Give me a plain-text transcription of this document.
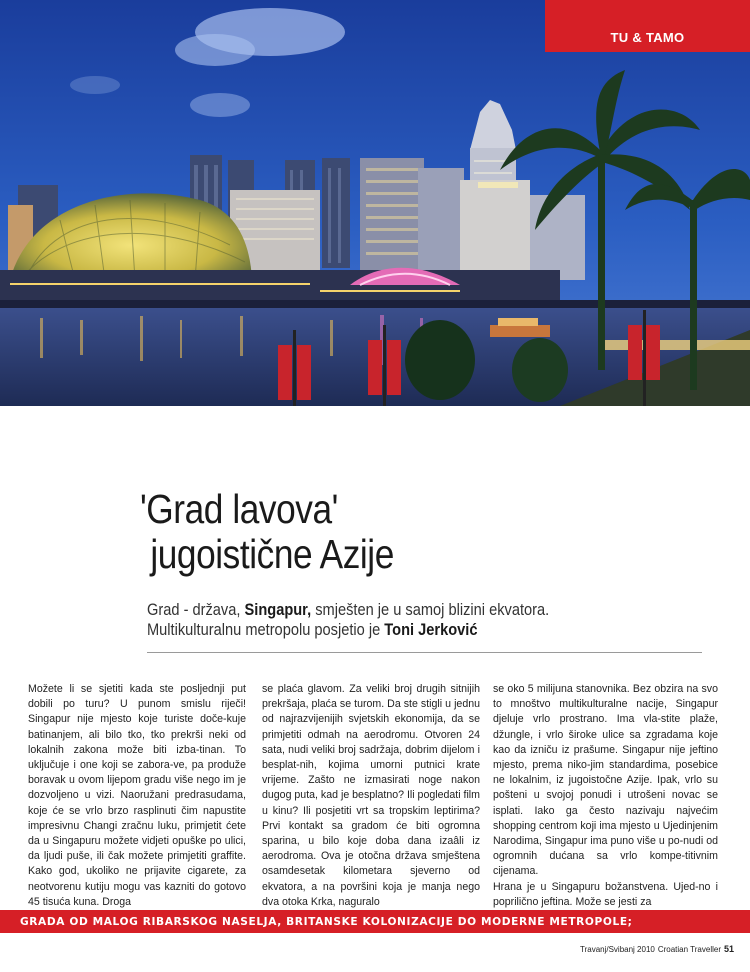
TU & TAMO
'Grad lavova'
jugoistične Azije

Grad - država, Singapur, smješten je u samoj blizini ekvatora.
Multikulturalnu metropolu posjetio je Toni Jerković

Možete li se sjetiti kada ste posljednji put dobili po turu? U punom smislu riječi! Singapur nije mjesto koje turiste doče-kuje batinanjem, ali bilo tko, tko prekrši neki od lokalnih zakona može biti izba-tinan. To uključuje i one koji se zabora-ve, pa produže boravak u ovom lijepom gradu više nego im je dozvoljeno u vizi. Naoružani predrasudama, koje će se vrlo brzo rasplinuti čim napustite impresivnu Changi zračnu luku, primjetit ćete da u Singapuru možete vidjeti opuške po ulici, da ljudi puše, ili čak možete primjetiti graffite. Kako god, ukoliko ne prijavite cigarete, za neotvorenu kutiju mogu vas kazniti do gotovo 45 tisuća kuna. Droga

se plaća glavom. Za veliki broj drugih sitnijih prekršaja, plaća se turom. Da ste stigli u jednu od najrazvijenijih svjetskih ekonomija, da se primjetiti odmah na aerodromu. Otvoren 24 sata, nudi veliki broj sadržaja, dobrim dijelom i besplat-nih, kojima umorni putnici krate vrijeme. Zašto ne izmasirati noge nakon dugog puta, kad je besplatno? Ili pogledati film u kinu? Ili posjetiti vrt sa tropskim leptirima? Prvi kontakt sa gradom će biti ogromna sparina, u bilo koje doba dana izaâli iz aerodroma. Ova je otočna država smještena osamdesetak kilometara sjeverno od ekvatora, a na površini koja je manja nego dva otoka Krka, naguralo

se oko 5 milijuna stanovnika. Bez obzira na svo to mnoštvo multikulturalne nacije, Singapur djeluje vrlo prostrano. Ima vla-stite plaže, džungle, i vrlo široke ulice sa zgradama koje kao da izniču iz prašume. Singapur nije jeftino mjesto, prema niko-jim standardima, posebice ne lokalnim, iz jugoistočne Azije. Ipak, vrlo su pošteni u svojoj ponudi i utrošeni novac se isplati. Iako ga često nazivaju najvećim shopping centrom koji ima mjesto u Ujedinjenim Narodima, Singapur ima puno više u po-nudi od ogromnih dućana sa vrlo kompe-titivnim cijenama.

Hrana je u Singapuru božanstvena. Ujed-no i poprilično jeftina. Može se jesti za

GRADA OD MALOG RIBARSKOG NASELJA, BRITANSKE KOLONIZACIJE DO MODERNE METROPOLE;
Travanj/Svibanj 2010 Croatian Traveller 51
